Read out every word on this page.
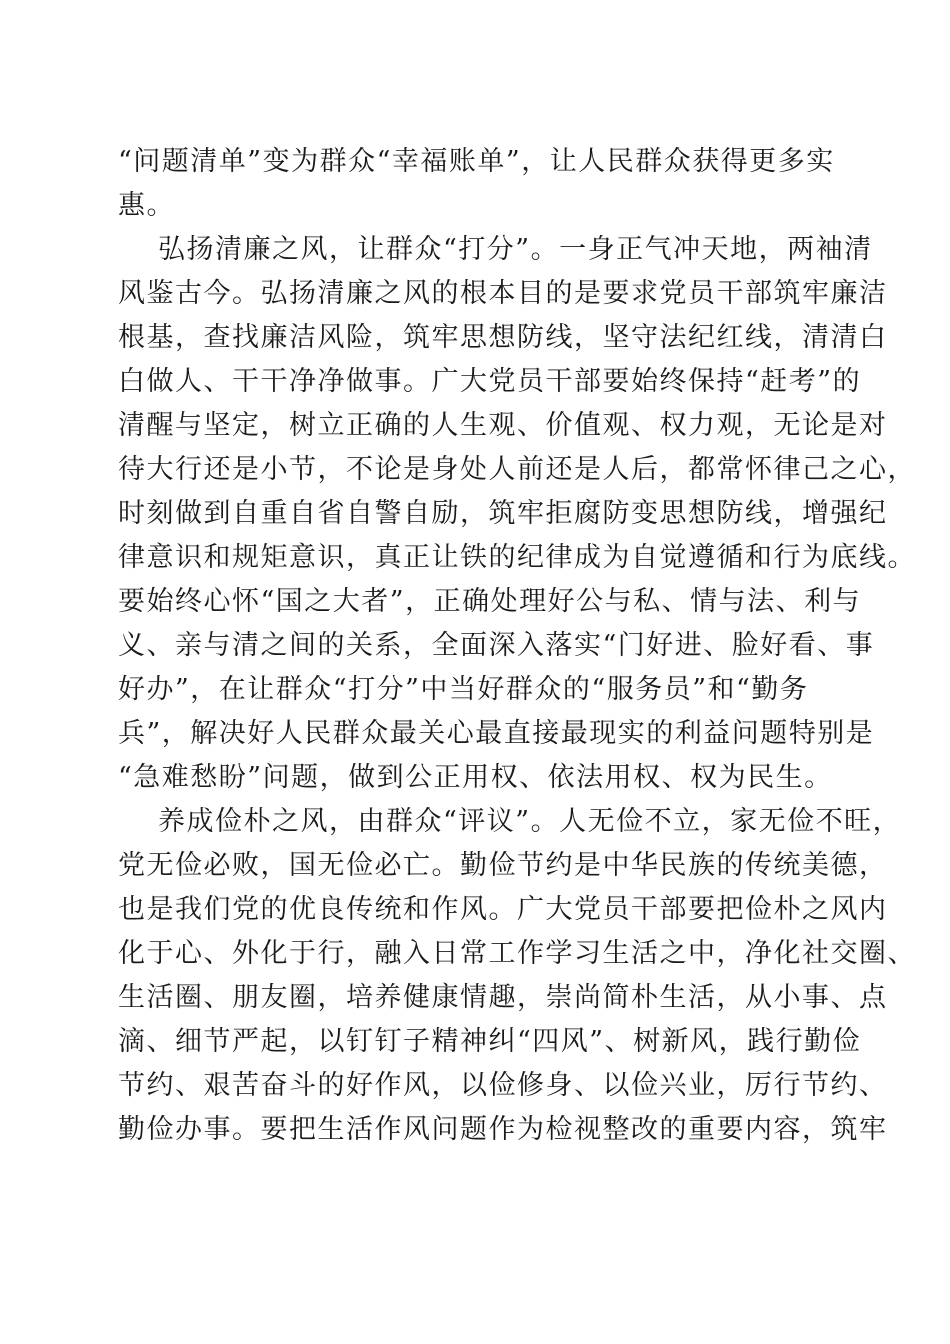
“问题清单”变为群众“幸福账单”，让人民群众获得更多实
惠。
弘扬清廉之风，让群众“打分”。一身正气冲天地，两袖清
风鉴古今。弘扬清廉之风的根本目的是要求党员干部筑牢廉洁
根基，查找廉洁风险，筑牢思想防线，坚守法纪红线，清清白
白做人、干干净净做事。广大党员干部要始终保持“赶考”的
清醒与坚定，树立正确的人生观、价值观、权力观，无论是对
待大行还是小节，不论是身处人前还是人后，都常怀律己之心，
时刻做到自重自省自警自励，筑牢拒腐防变思想防线，增强纪
律意识和规矩意识，真正让铁的纪律成为自觉遵循和行为底线。
要始终心怀“国之大者”，正确处理好公与私、情与法、利与
义、亲与清之间的关系，全面深入落实“门好进、脸好看、事
好办”，在让群众“打分”中当好群众的“服务员”和“勤务
兵”，解决好人民群众最关心最直接最现实的利益问题特别是
“急难愁盼”问题，做到公正用权、依法用权、权为民生。
养成俭朴之风，由群众“评议”。人无俭不立，家无俭不旺，
党无俭必败，国无俭必亡。勤俭节约是中华民族的传统美德，
也是我们党的优良传统和作风。广大党员干部要把俭朴之风内
化于心、外化于行，融入日常工作学习生活之中，净化社交圈、
生活圈、朋友圈，培养健康情趣，崇尚简朴生活，从小事、点
滴、细节严起，以钉钉子精神纠“四风”、树新风，践行勤俭
节约、艰苦奋斗的好作风，以俭修身、以俭兴业，厉行节约、
勤俭办事。要把生活作风问题作为检视整改的重要内容，筑牢
